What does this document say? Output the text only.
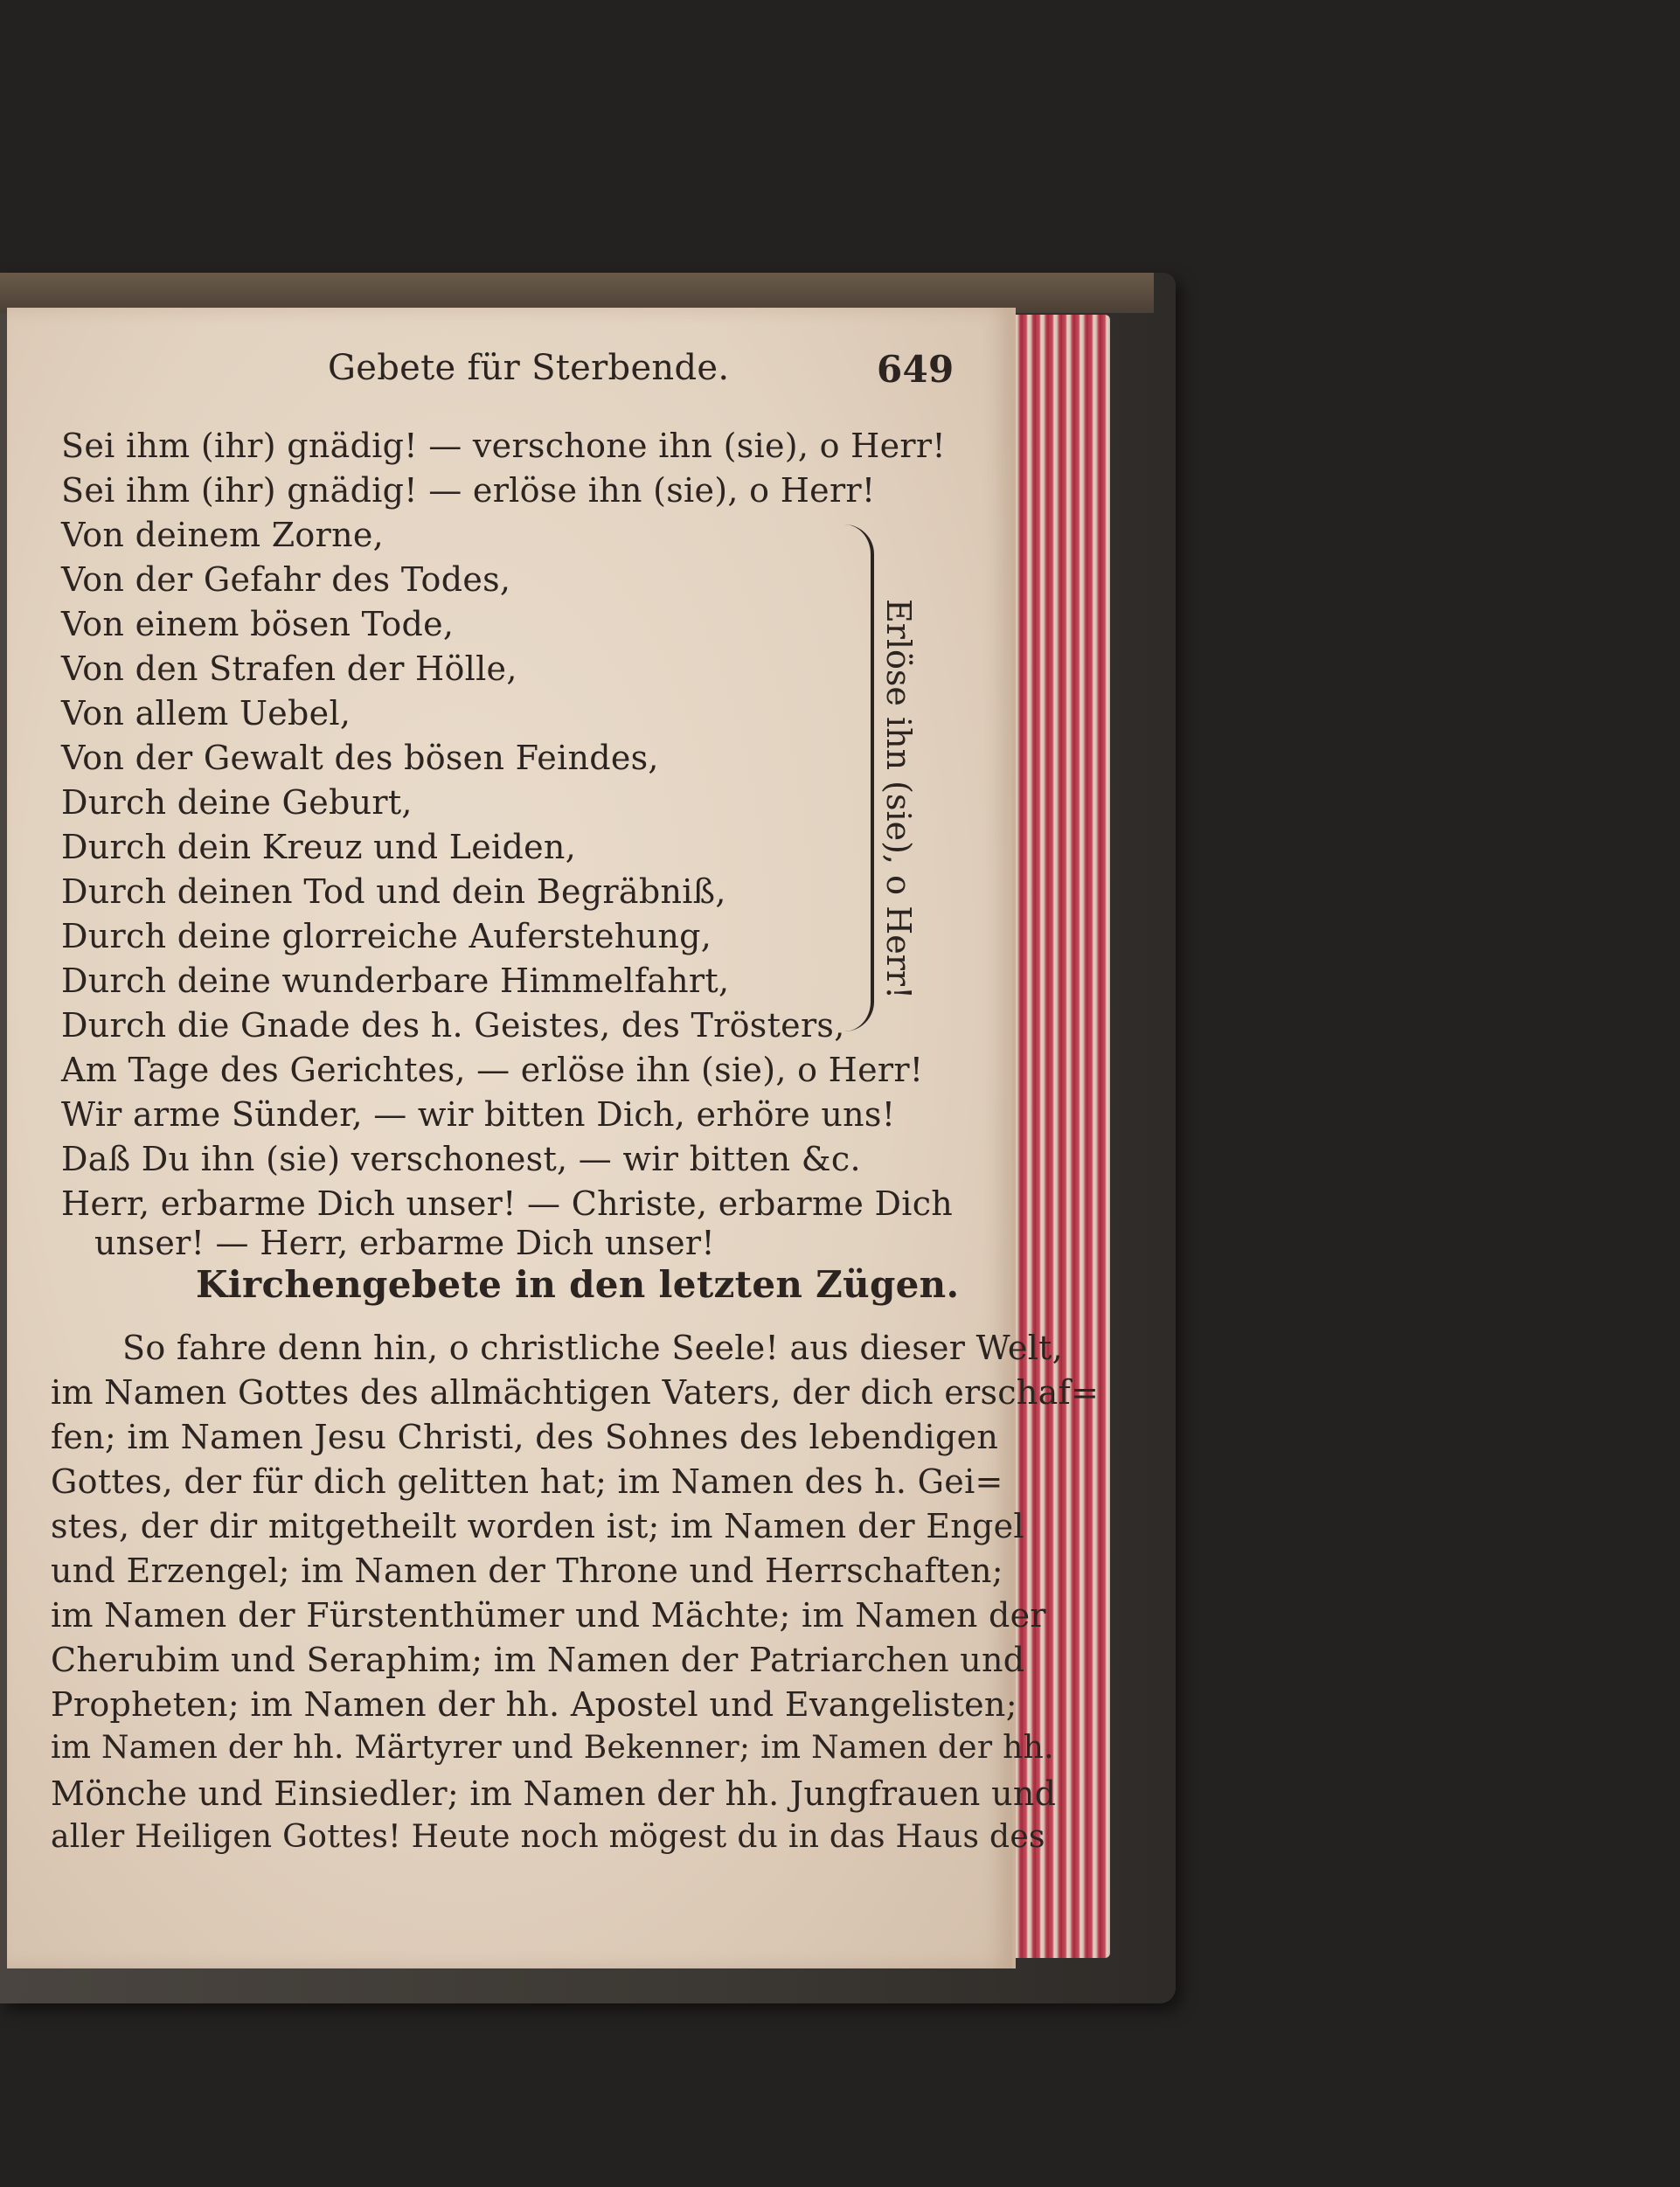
Gebete für Sterbende.	649
Sei ihm (ihr) gnädig! — verschone ihn (sie), o Herr!
Sei ihm (ihr) gnädig! — erlöse ihn (sie), o Herr!
Von deinem Zorne,
Von der Gefahr des Todes,
Von einem bösen Tode,
Von den Strafen der Hölle,
Von allem Uebel,
Von der Gewalt des bösen Feindes,
Durch deine Geburt,
Durch dein Kreuz und Leiden,
Durch deinen Tod und dein Begräbniß,
Durch deine glorreiche Auferstehung,
Durch deine wunderbare Himmelfahrt,
Durch die Gnade des h. Geistes, des Trösters,
Am Tage des Gerichtes, — erlöse ihn (sie), o Herr!
Wir arme Sünder, — wir bitten Dich, erhöre uns!
Daß Du ihn (sie) verschonest, — wir bitten &c.
Herr, erbarme Dich unser! — Christe, erbarme Dich
unser! — Herr, erbarme Dich unser!
Erlöse ihn (sie), o Herr!
Kirchengebete in den letzten Zügen.
So fahre denn hin, o christliche Seele! aus dieser Welt,
im Namen Gottes des allmächtigen Vaters, der dich erschaf=
fen; im Namen Jesu Christi, des Sohnes des lebendigen
Gottes, der für dich gelitten hat; im Namen des h. Gei=
stes, der dir mitgetheilt worden ist; im Namen der Engel
und Erzengel; im Namen der Throne und Herrschaften;
im Namen der Fürstenthümer und Mächte; im Namen der
Cherubim und Seraphim; im Namen der Patriarchen und
Propheten; im Namen der hh. Apostel und Evangelisten;
im Namen der hh. Märtyrer und Bekenner; im Namen der hh.
Mönche und Einsiedler; im Namen der hh. Jungfrauen und
aller Heiligen Gottes! Heute noch mögest du in das Haus des
